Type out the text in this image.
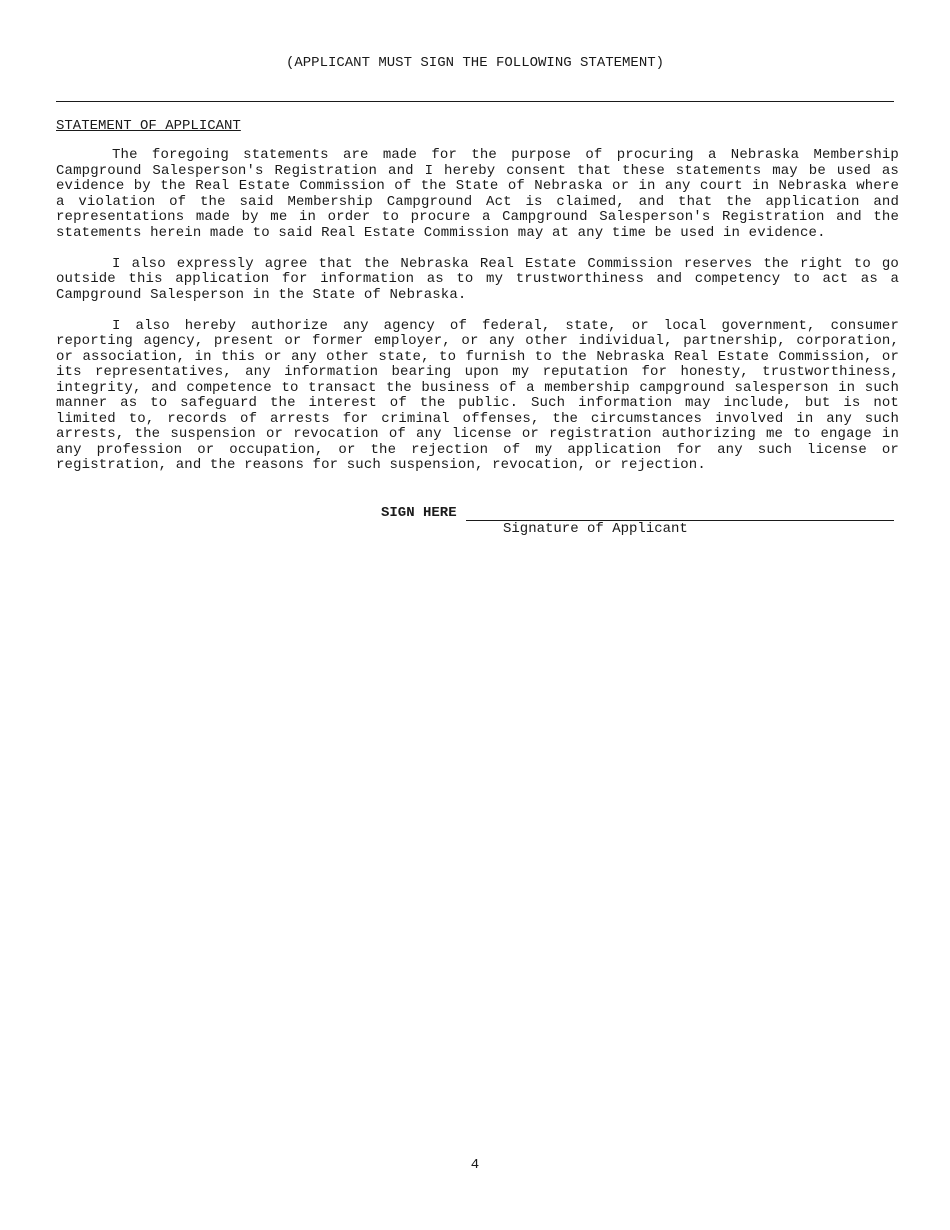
(APPLICANT MUST SIGN THE FOLLOWING STATEMENT)
STATEMENT OF APPLICANT

The foregoing statements are made for the purpose of procuring a Nebraska Membership Campground Salesperson's Registration and I hereby consent that these statements may be used as evidence by the Real Estate Commission of the State of Nebraska or in any court in Nebraska where a violation of the said Membership Campground Act is claimed, and that the application and representations made by me in order to procure a Campground Salesperson's Registration and the statements herein made to said Real Estate Commission may at any time be used in evidence.

I also expressly agree that the Nebraska Real Estate Commission reserves the right to go outside this application for information as to my trustworthiness and competency to act as a Campground Salesperson in the State of Nebraska.

I also hereby authorize any agency of federal, state, or local government, consumer reporting agency, present or former employer, or any other individual, partnership, corporation, or association, in this or any other state, to furnish to the Nebraska Real Estate Commission, or its representatives, any information bearing upon my reputation for honesty, trustworthiness, integrity, and competence to transact the business of a membership campground salesperson in such manner as to safeguard the interest of the public. Such information may include, but is not limited to, records of arrests for criminal offenses, the circumstances involved in any such arrests, the suspension or revocation of any license or registration authorizing me to engage in any profession or occupation, or the rejection of my application for any such license or registration, and the reasons for such suspension, revocation, or rejection.

SIGN HERE
Signature of Applicant
4
